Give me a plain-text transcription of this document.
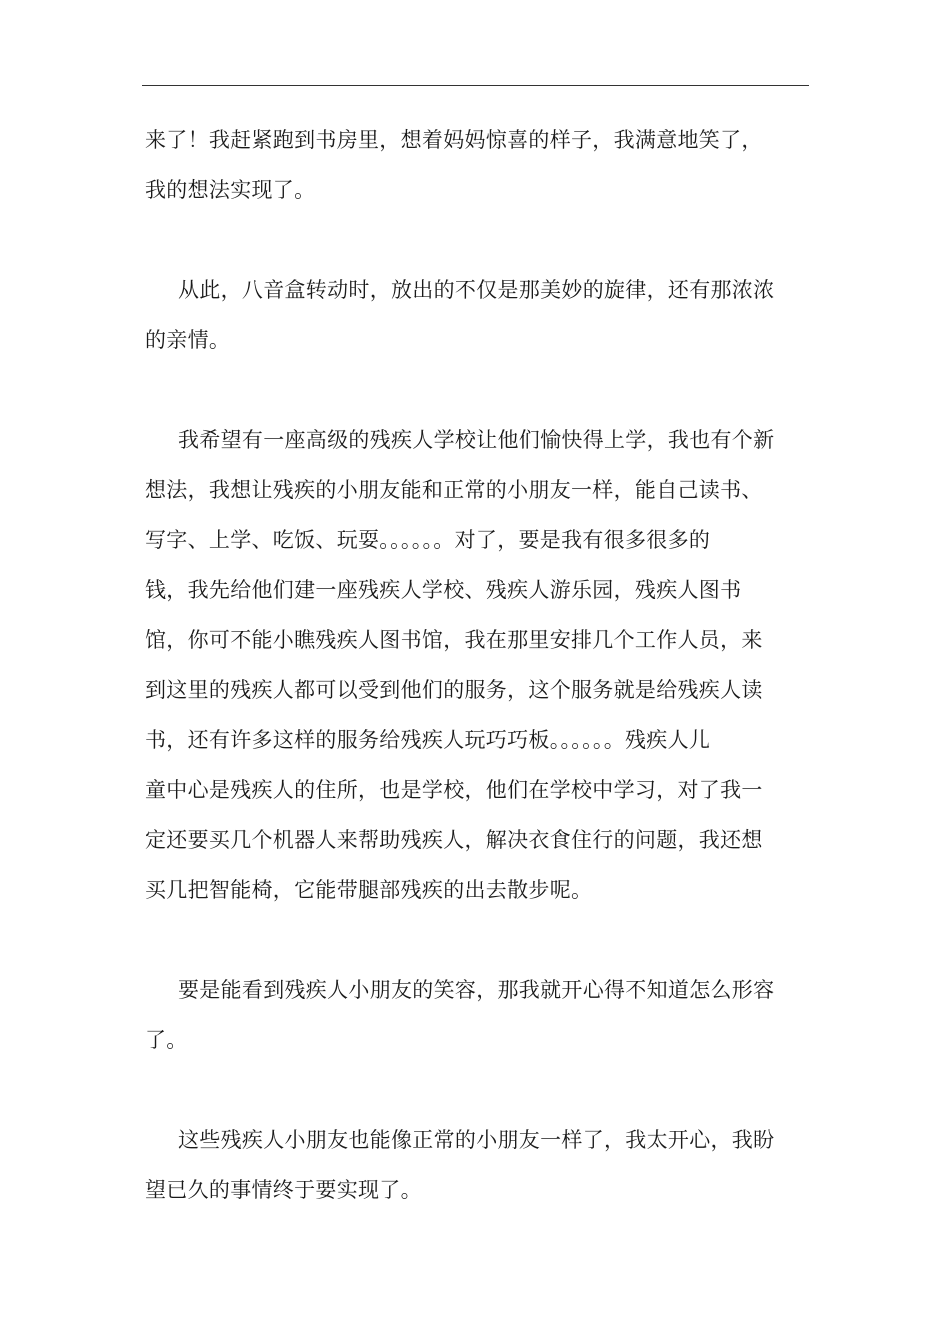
来了！我赶紧跑到书房里，想着妈妈惊喜的样子，我满意地笑了，
我的想法实现了。

从此，八音盒转动时，放出的不仅是那美妙的旋律，还有那浓浓
的亲情。

我希望有一座高级的残疾人学校让他们愉快得上学，我也有个新
想法，我想让残疾的小朋友能和正常的小朋友一样，能自己读书、
写字、上学、吃饭、玩耍。。。。。。对了，要是我有很多很多的
钱，我先给他们建一座残疾人学校、残疾人游乐园，残疾人图书
馆，你可不能小瞧残疾人图书馆，我在那里安排几个工作人员，来
到这里的残疾人都可以受到他们的服务，这个服务就是给残疾人读
书，还有许多这样的服务给残疾人玩巧巧板。。。。。。残疾人儿
童中心是残疾人的住所，也是学校，他们在学校中学习，对了我一
定还要买几个机器人来帮助残疾人，解决衣食住行的问题，我还想
买几把智能椅，它能带腿部残疾的出去散步呢。

要是能看到残疾人小朋友的笑容，那我就开心得不知道怎么形容
了。

这些残疾人小朋友也能像正常的小朋友一样了，我太开心，我盼
望已久的事情终于要实现了。
